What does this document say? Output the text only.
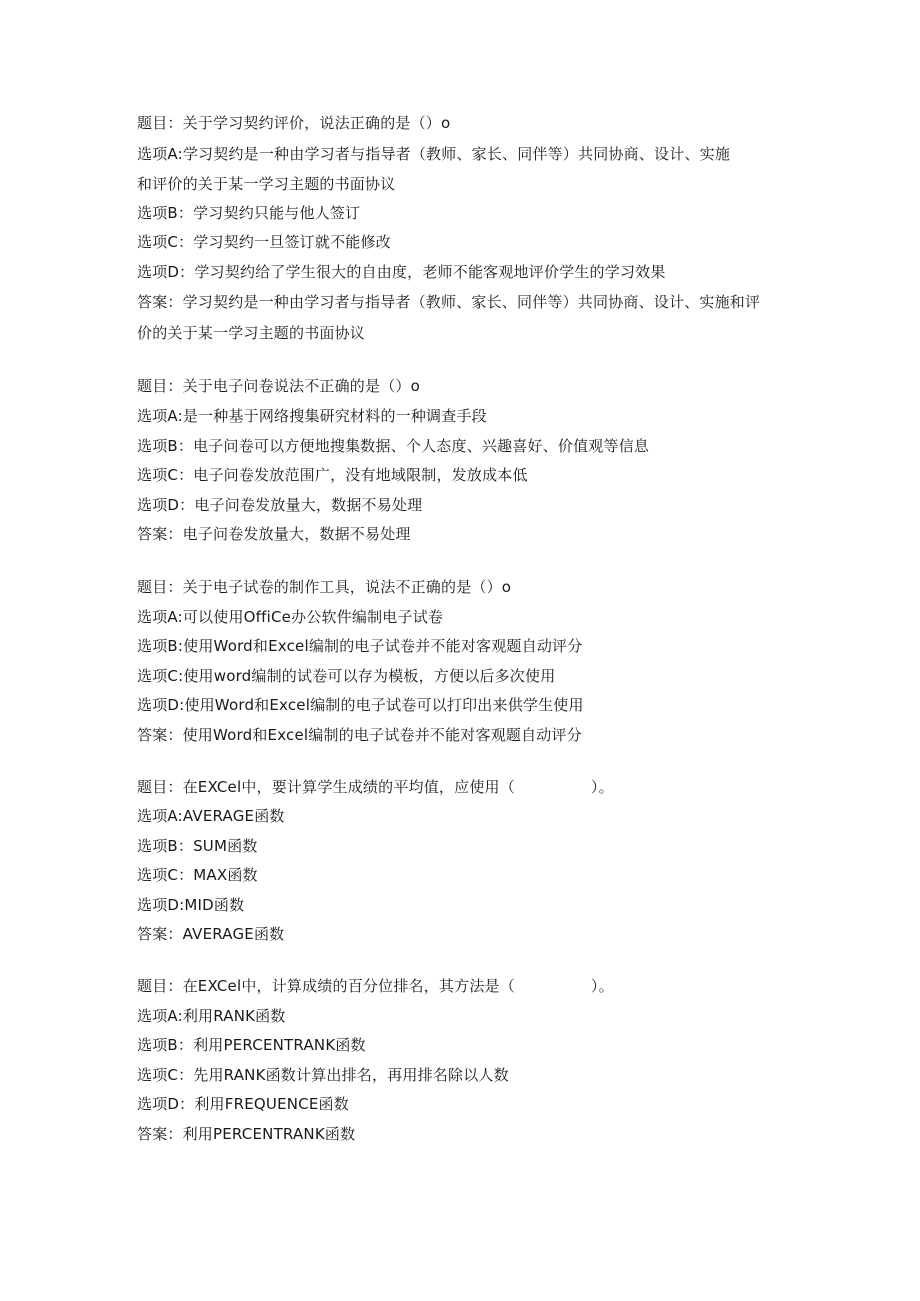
题目：关于学习契约评价，说法正确的是（）o
选项A:学习契约是一种由学习者与指导者（教师、家长、同伴等）共同协商、设计、实施和评价的关于某一学习主题的书面协议
选项B：学习契约只能与他人签订
选项C：学习契约一旦签订就不能修改
选项D：学习契约给了学生很大的自由度，老师不能客观地评价学生的学习效果
答案：学习契约是一种由学习者与指导者（教师、家长、同伴等）共同协商、设计、实施和评价的关于某一学习主题的书面协议
题目：关于电子问卷说法不正确的是（）o
选项A:是一种基于网络搜集研究材料的一种调查手段
选项B：电子问卷可以方便地搜集数据、个人态度、兴趣喜好、价值观等信息
选项C：电子问卷发放范围广，没有地域限制，发放成本低
选项D：电子问卷发放量大，数据不易处理
答案：电子问卷发放量大，数据不易处理
题目：关于电子试卷的制作工具，说法不正确的是（）o
选项A:可以使用OffiCe办公软件编制电子试卷
选项B:使用Word和Excel编制的电子试卷并不能对客观题自动评分
选项C:使用word编制的试卷可以存为模板，方便以后多次使用
选项D:使用Word和Excel编制的电子试卷可以打印出来供学生使用
答案：使用Word和Excel编制的电子试卷并不能对客观题自动评分
题目：在EXCel中，要计算学生成绩的平均值，应使用（　　　　　）。
选项A:AVERAGE函数
选项B：SUM函数
选项C：MAX函数
选项D:MID函数
答案：AVERAGE函数
题目：在EXCel中，计算成绩的百分位排名，其方法是（　　　　　）。
选项A:利用RANK函数
选项B：利用PERCENTRANK函数
选项C：先用RANK函数计算出排名，再用排名除以人数
选项D：利用FREQUENCE函数
答案：利用PERCENTRANK函数
